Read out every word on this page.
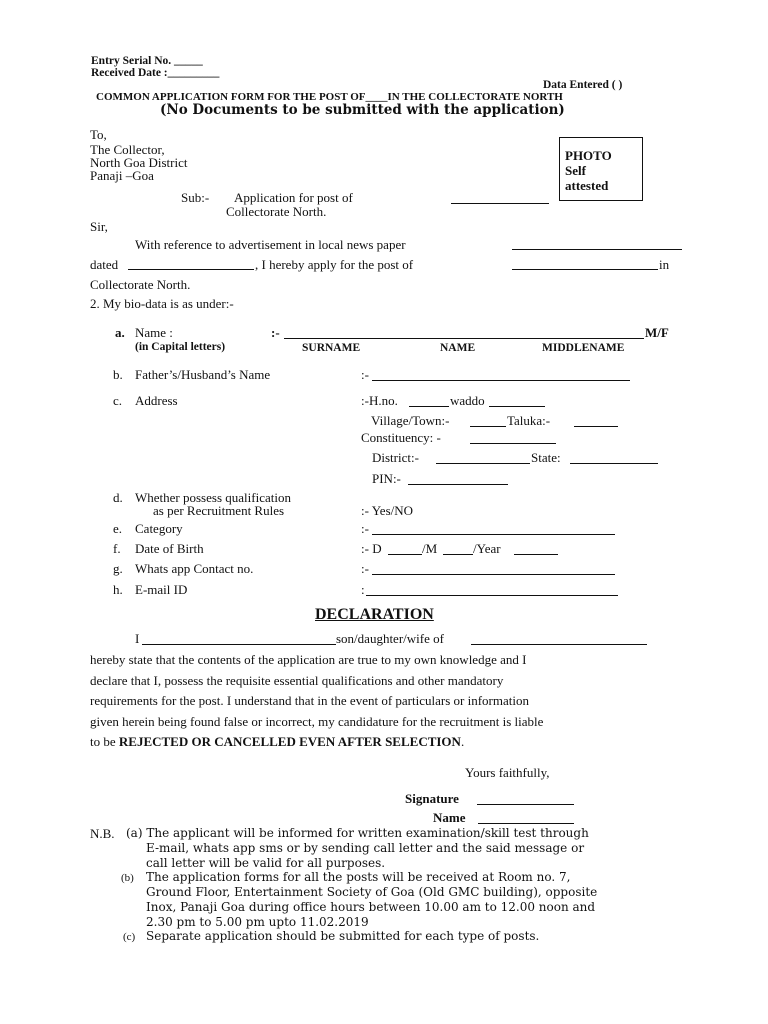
Entry Serial No. _____
Received Date :_________
Data Entered ( )
COMMON APPLICATION FORM FOR THE POST OF____IN THE COLLECTORATE NORTH
(No Documents to be submitted with the application)
To,
The Collector,
North Goa District
Panaji –Goa
PHOTO
Self
attested
Sub:- Application for post of
Collectorate North.
Sir,
With reference to advertisement in local news paper
dated	, I hereby apply for the post of	in
Collectorate North.
2. My bio-data is as under:-
a. Name :	:-	M/F
(in Capital letters)	SURNAME	NAME	MIDDLENAME
b. Father’s/Husband’s Name	:-
c. Address	:-H.no.	waddo
Village/Town:-	Taluka:-
Constituency: -
District:-	State:
PIN:-
d. Whether possess qualification
as per Recruitment Rules	:- Yes/NO
e. Category	:-
f. Date of Birth	:- D	/M	/Year
g. Whats app Contact no.	:-
h. E-mail ID	:
DECLARATION
I	son/daughter/wife of
hereby state that the contents of the application are true to my own knowledge and I
declare that I, possess the requisite essential qualifications and other mandatory
requirements for the post. I understand that in the event of particulars or information
given herein being found false or incorrect, my candidature for the recruitment is liable
to be REJECTED OR CANCELLED EVEN AFTER SELECTION.
Yours faithfully,
Signature
Name
N.B. (a) The applicant will be informed for written examination/skill test through
E-mail, whats app sms or by sending call letter and the said message or
call letter will be valid for all purposes.
(b) The application forms for all the posts will be received at Room no. 7,
Ground Floor, Entertainment Society of Goa (Old GMC building), opposite
Inox, Panaji Goa during office hours between 10.00 am to 12.00 noon and
2.30 pm to 5.00 pm upto 11.02.2019
(c) Separate application should be submitted for each type of posts.
